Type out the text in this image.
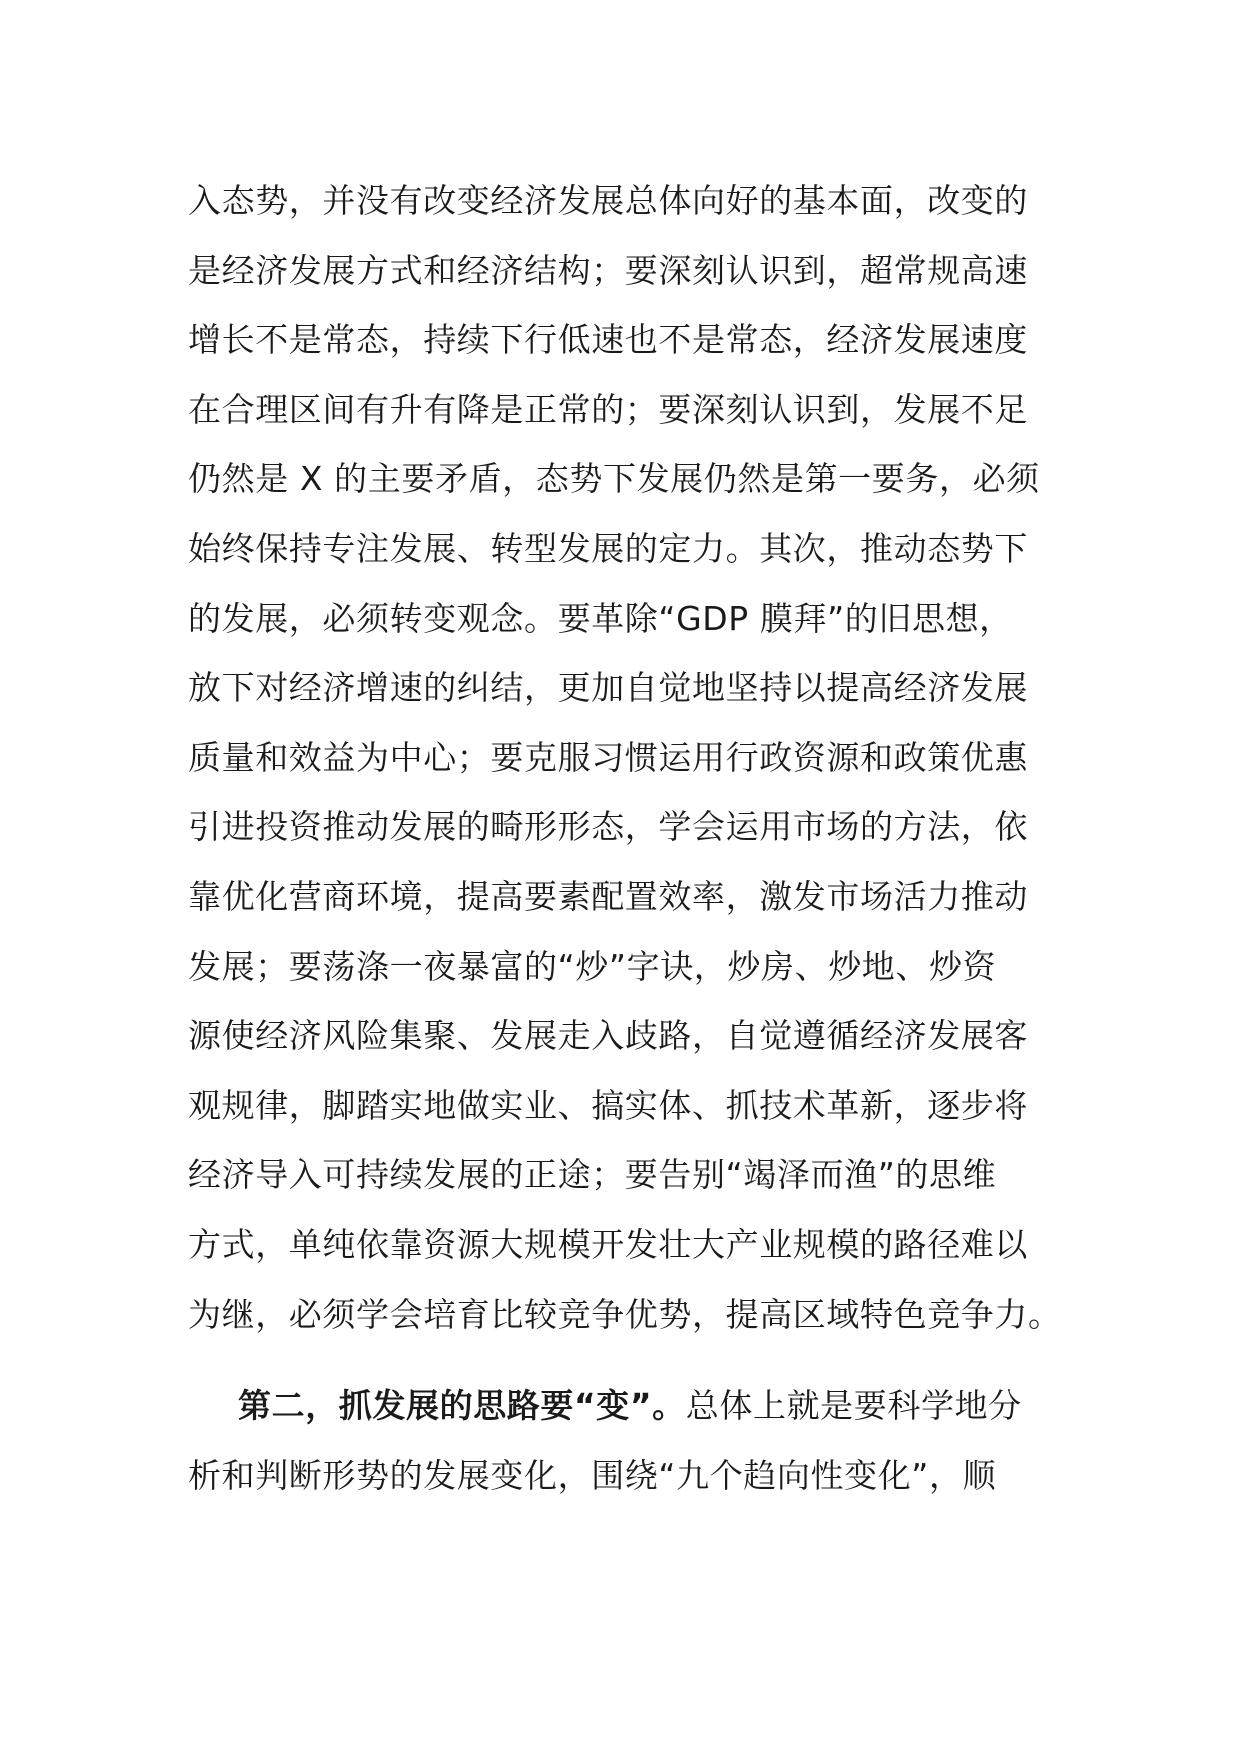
入态势，并没有改变经济发展总体向好的基本面，改变的
是经济发展方式和经济结构；要深刻认识到，超常规高速
增长不是常态，持续下行低速也不是常态，经济发展速度
在合理区间有升有降是正常的；要深刻认识到，发展不足
仍然是 X 的主要矛盾，态势下发展仍然是第一要务，必须
始终保持专注发展、转型发展的定力。其次，推动态势下
的发展，必须转变观念。要革除“GDP 膜拜”的旧思想，
放下对经济增速的纠结，更加自觉地坚持以提高经济发展
质量和效益为中心；要克服习惯运用行政资源和政策优惠
引进投资推动发展的畸形形态，学会运用市场的方法，依
靠优化营商环境，提高要素配置效率，激发市场活力推动
发展；要荡涤一夜暴富的“炒”字诀，炒房、炒地、炒资
源使经济风险集聚、发展走入歧路，自觉遵循经济发展客
观规律，脚踏实地做实业、搞实体、抓技术革新，逐步将
经济导入可持续发展的正途；要告别“竭泽而渔”的思维
方式，单纯依靠资源大规模开发壮大产业规模的路径难以
为继，必须学会培育比较竞争优势，提高区域特色竞争力。
第二，抓发展的思路要“变”。总体上就是要科学地分
析和判断形势的发展变化，围绕“九个趋向性变化”，顺
